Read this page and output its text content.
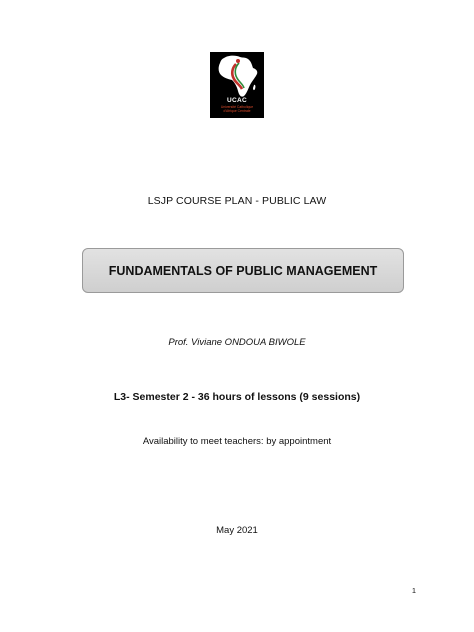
UCAC
Université Catholique
d'Afrique Centrale
LSJP COURSE PLAN - PUBLIC LAW
FUNDAMENTALS OF PUBLIC MANAGEMENT
Prof. Viviane ONDOUA BIWOLE
L3- Semester 2 - 36 hours of lessons (9 sessions)
Availability to meet teachers: by appointment
May 2021
1
